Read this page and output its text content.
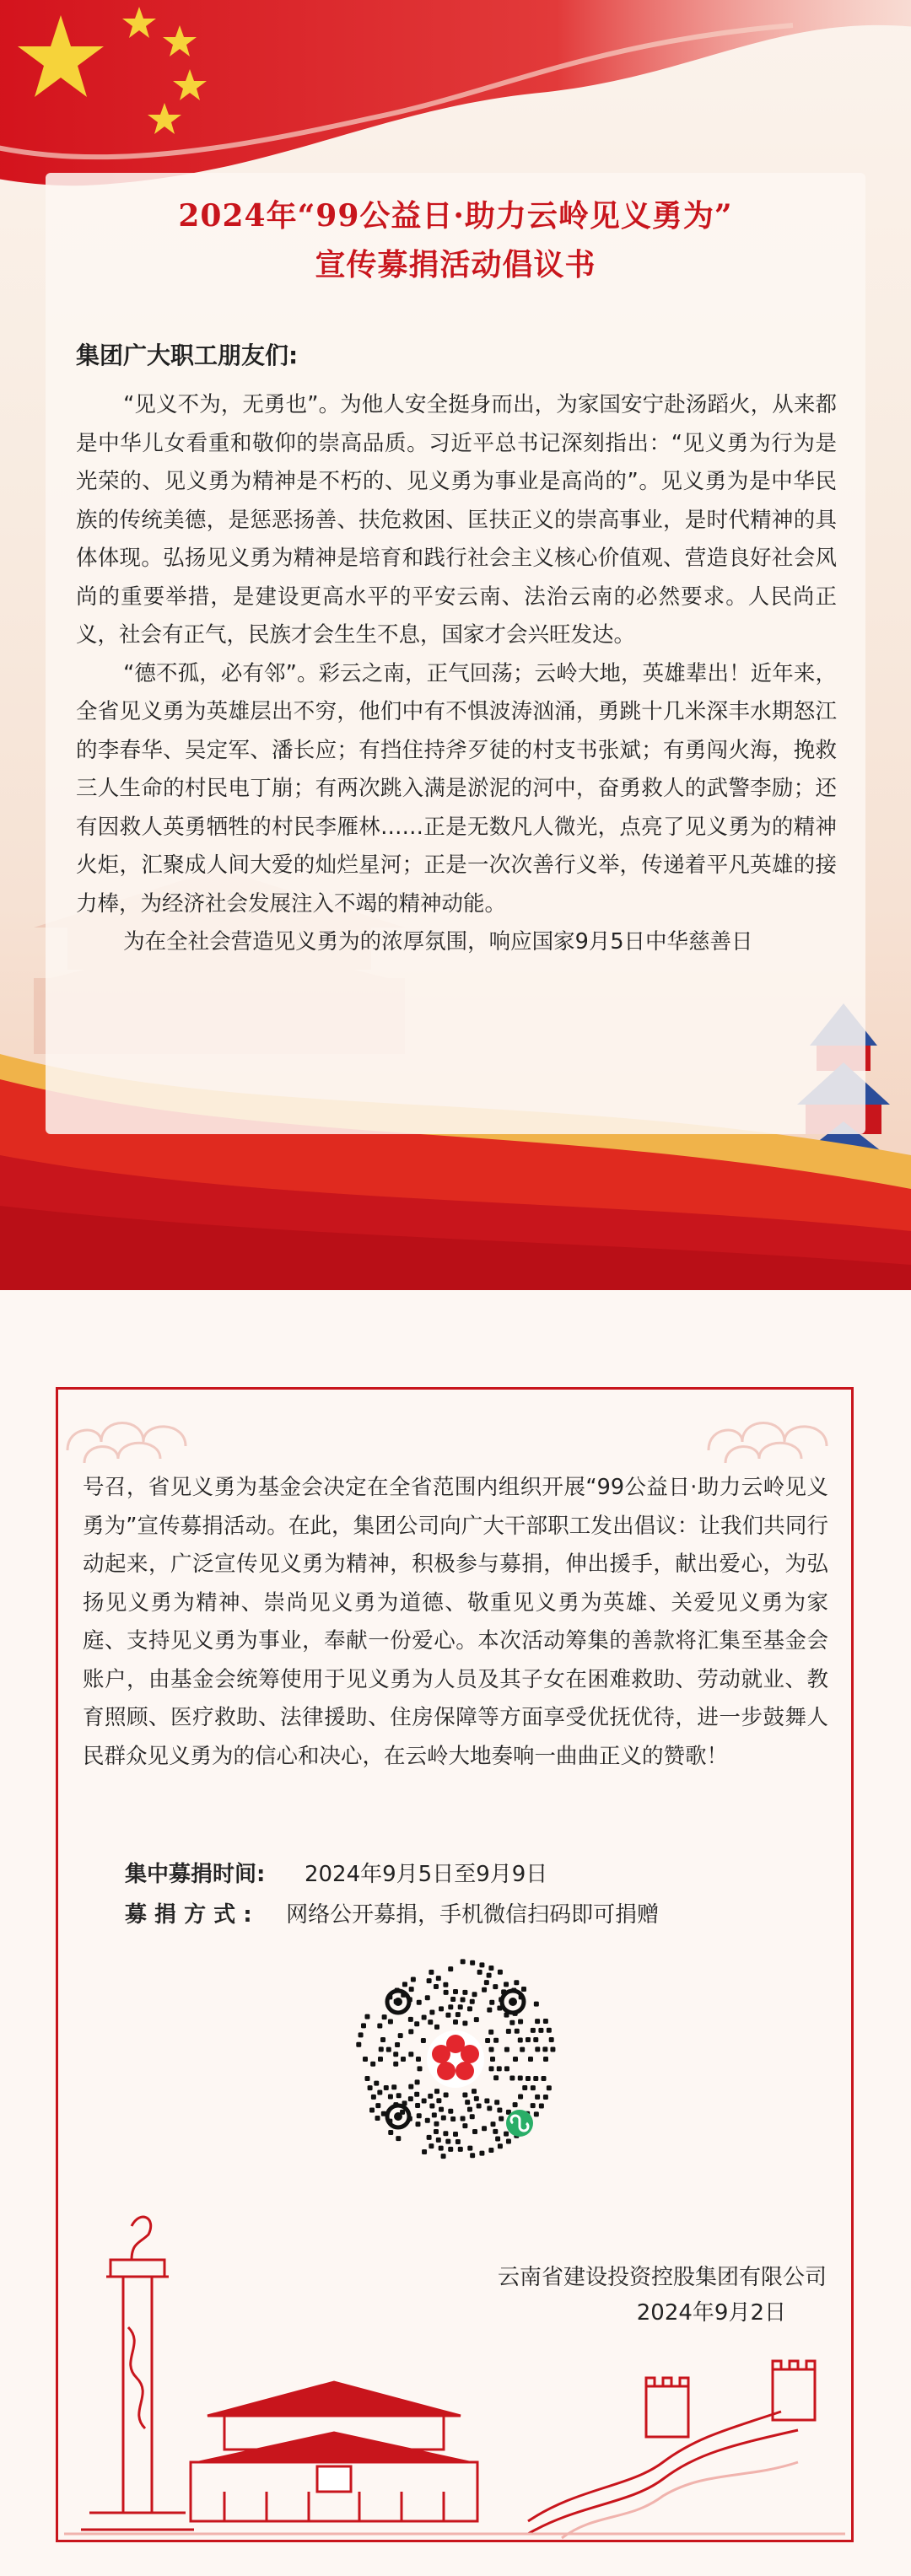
2024年“99公益日·助力云岭见义勇为”
宣传募捐活动倡议书
集团广大职工朋友们:

“见义不为，无勇也”。为他人安全挺身而出，为家国安宁赴汤蹈火，从来都是中华儿女看重和敬仰的崇高品质。习近平总书记深刻指出：“见义勇为行为是光荣的、见义勇为精神是不朽的、见义勇为事业是高尚的”。见义勇为是中华民族的传统美德，是惩恶扬善、扶危救困、匡扶正义的崇高事业，是时代精神的具体体现。弘扬见义勇为精神是培育和践行社会主义核心价值观、营造良好社会风尚的重要举措，是建设更高水平的平安云南、法治云南的必然要求。人民尚正义，社会有正气，民族才会生生不息，国家才会兴旺发达。

“德不孤，必有邻”。彩云之南，正气回荡；云岭大地，英雄辈出！近年来，全省见义勇为英雄层出不穷，他们中有不惧波涛汹涌，勇跳十几米深丰水期怒江的李春华、吴定军、潘长应；有挡住持斧歹徒的村支书张斌；有勇闯火海，挽救三人生命的村民电丁崩；有两次跳入满是淤泥的河中，奋勇救人的武警李励；还有因救人英勇牺牲的村民李雁林……正是无数凡人微光，点亮了见义勇为的精神火炬，汇聚成人间大爱的灿烂星河；正是一次次善行义举，传递着平凡英雄的接力棒，为经济社会发展注入不竭的精神动能。

为在全社会营造见义勇为的浓厚氛围，响应国家9月5日中华慈善日

号召，省见义勇为基金会决定在全省范围内组织开展“99公益日·助力云岭见义勇为”宣传募捐活动。在此，集团公司向广大干部职工发出倡议：让我们共同行动起来，广泛宣传见义勇为精神，积极参与募捐，伸出援手，献出爱心，为弘扬见义勇为精神、崇尚见义勇为道德、敬重见义勇为英雄、关爱见义勇为家庭、支持见义勇为事业，奉献一份爱心。本次活动筹集的善款将汇集至基金会账户，由基金会统筹使用于见义勇为人员及其子女在困难救助、劳动就业、教育照顾、医疗救助、法律援助、住房保障等方面享受优抚优待，进一步鼓舞人民群众见义勇为的信心和决心，在云岭大地奏响一曲曲正义的赞歌！
集中募捐时间: 2024年9月5日至9月9日
募 捐 方 式 : 网络公开募捐，手机微信扫码即可捐赠
云南省建设投资控股集团有限公司
2024年9月2日
